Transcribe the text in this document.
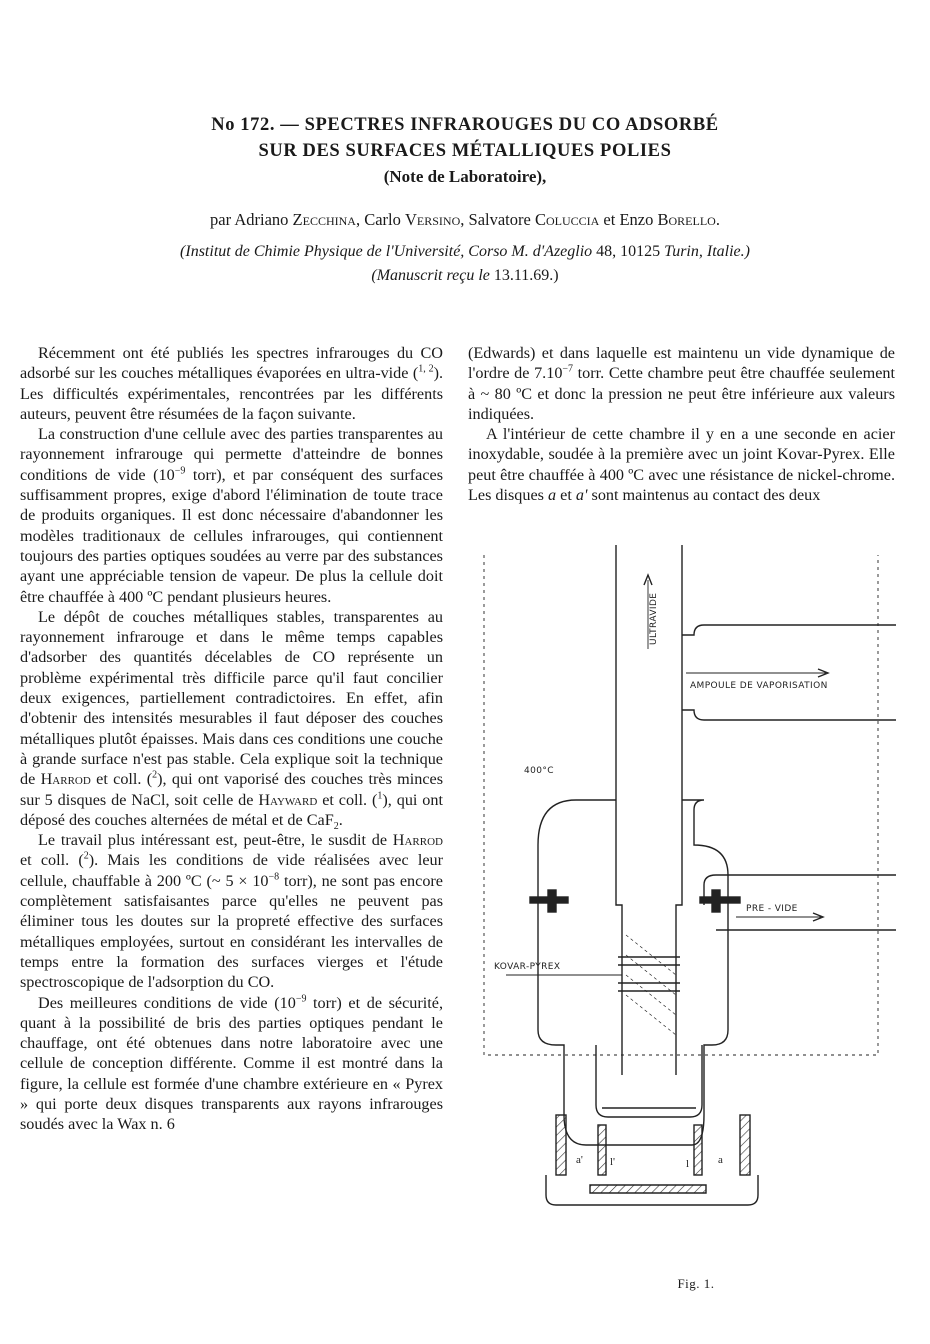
No 172. — SPECTRES INFRAROUGES DU CO ADSORBÉ
SUR DES SURFACES MÉTALLIQUES POLIES
(Note de Laboratoire),
par Adriano Zecchina, Carlo Versino, Salvatore Coluccia et Enzo Borello.
(Institut de Chimie Physique de l'Université, Corso M. d'Azeglio 48, 10125 Turin, Italie.)
(Manuscrit reçu le 13.11.69.)

Récemment ont été publiés les spectres infrarouges du CO adsorbé sur les couches métalliques évaporées en ultra-vide ($^{1, 2}$). Les difficultés expérimentales, rencontrées par les différents auteurs, peuvent être résumées de la façon suivante.

La construction d'une cellule avec des parties transparentes au rayonnement infrarouge qui permette d'atteindre de bonnes conditions de vide ($10^{-9}$ torr), et par conséquent des surfaces suffisamment propres, exige d'abord l'élimination de toute trace de produits organiques. Il est donc nécessaire d'abandonner les modèles traditionaux de cellules infrarouges, qui contiennent toujours des parties optiques soudées au verre par des substances ayant une appréciable tension de vapeur. De plus la cellule doit être chauffée à 400 ºC pendant plusieurs heures.

Le dépôt de couches métalliques stables, transparentes au rayonnement infrarouge et dans le même temps capables d'adsorber des quantités décelables de CO représente un problème expérimental très difficile parce qu'il faut concilier deux exigences, partiellement contradictoires. En effet, afin d'obtenir des intensités mesurables il faut déposer des couches métalliques plutôt épaisses. Mais dans ces conditions une couche à grande surface n'est pas stable. Cela explique soit la technique de Harrod et coll. ($^2$), qui ont vaporisé des couches très minces sur 5 disques de NaCl, soit celle de Hayward et coll. ($^1$), qui ont déposé des couches alternées de métal et de CaF$_2$.

Le travail plus intéressant est, peut-être, le susdit de Harrod et coll. ($^2$). Mais les conditions de vide réalisées avec leur cellule, chauffable à 200 ºC (~ $5 \times 10^{-8}$ torr), ne sont pas encore complètement satisfaisantes parce qu'elles ne peuvent pas éliminer tous les doutes sur la propreté effective des surfaces métalliques employées, surtout en considérant les intervalles de temps entre la formation des surfaces vierges et l'étude spectroscopique de l'adsorption du CO.

Des meilleures conditions de vide ($10^{-9}$ torr) et de sécurité, quant à la possibilité de bris des parties optiques pendant le chauffage, ont été obtenues dans notre laboratoire avec une cellule de conception différente. Comme il est montré dans la figure, la cellule est formée d'une chambre extérieure en « Pyrex » qui porte deux disques transparents aux rayons infrarouges soudés avec la Wax n. 6

(Edwards) et dans laquelle est maintenu un vide dynamique de l'ordre de $7.10^{-7}$ torr. Cette chambre peut être chauffée seulement à ~ 80 ºC et donc la pression ne peut être inférieure aux valeurs indiquées.

A l'intérieur de cette chambre il y en a une seconde en acier inoxydable, soudée à la première avec un joint Kovar-Pyrex. Elle peut être chauffée à 400 ºC avec une résistance de nickel-chrome. Les disques a et a' sont maintenus au contact des deux

ULTRAVIDE
AMPOULE DE VAPORISATION
400°C
KOVAR-PYREX
PRE - VIDE
a' l'	l	a
Fig. 1.
